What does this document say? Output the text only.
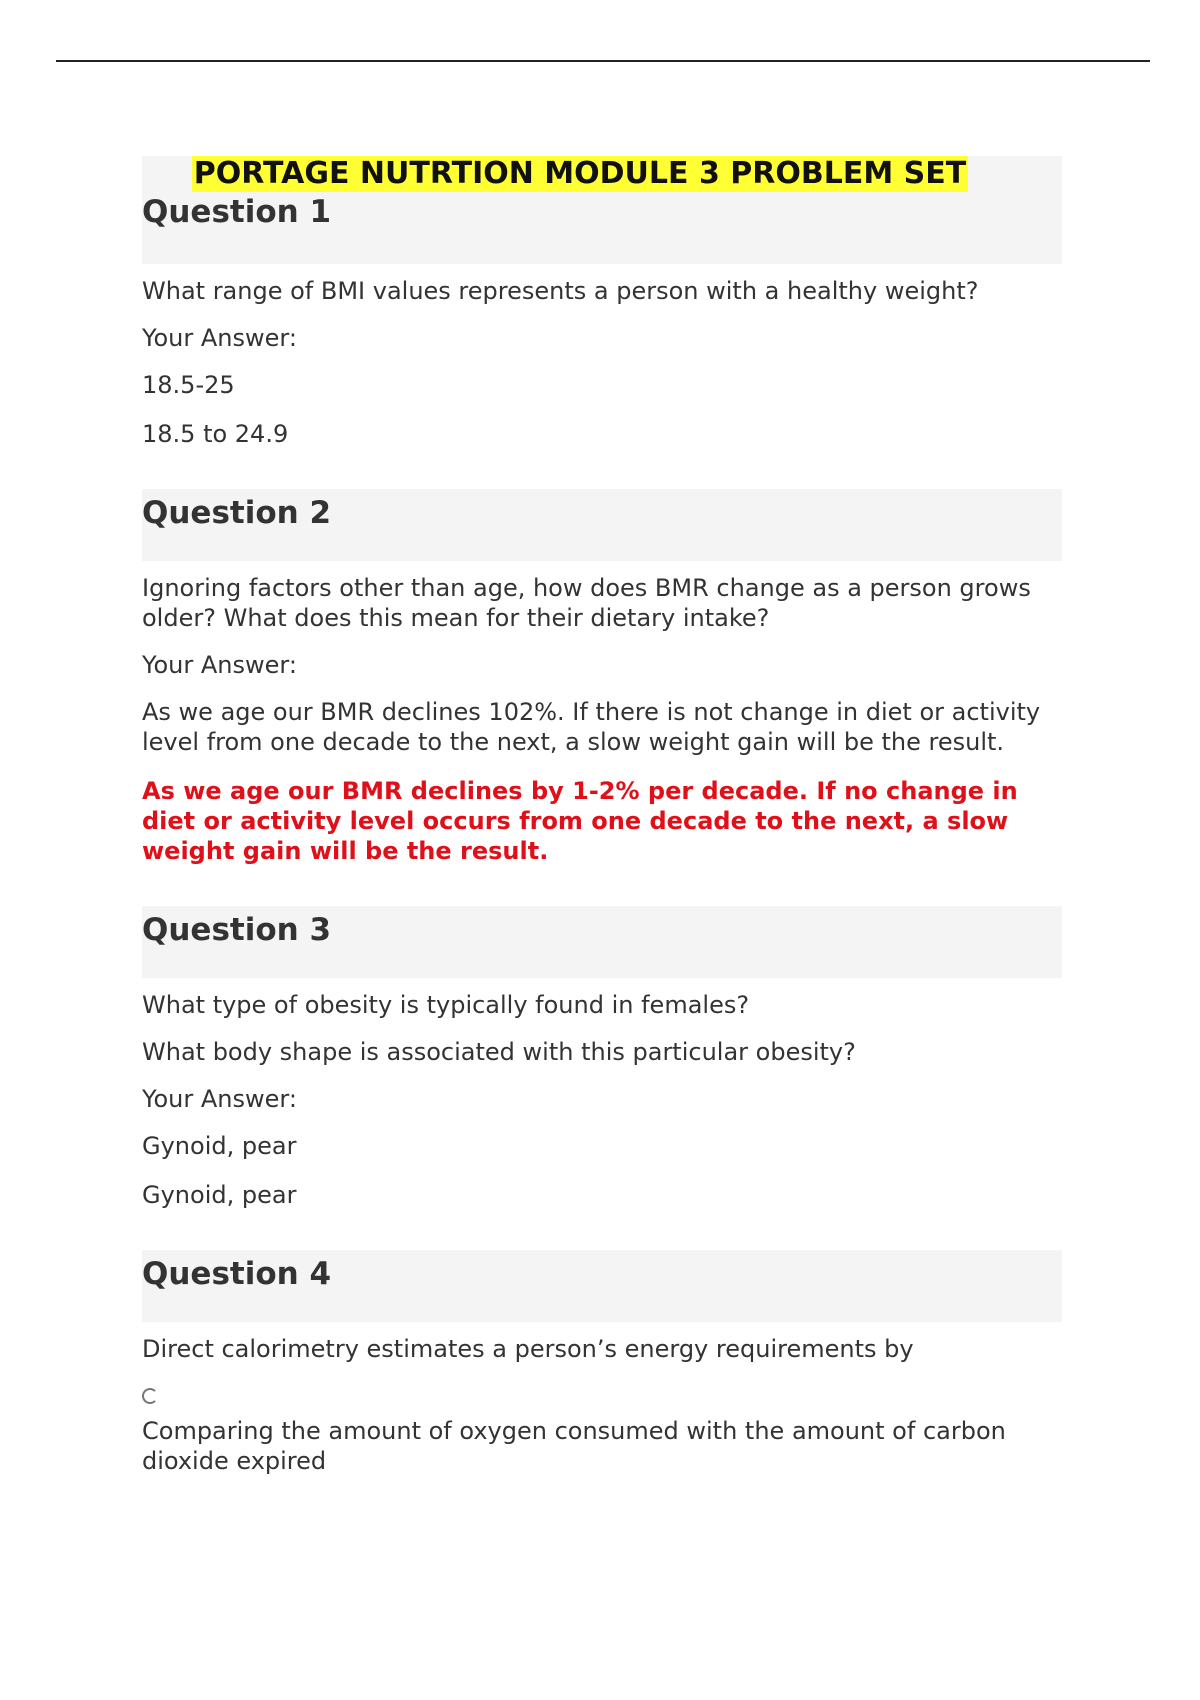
PORTAGE NUTRTION MODULE 3 PROBLEM SET
Question 1

What range of BMI values represents a person with a healthy weight?

Your Answer:

18.5-25

18.5 to 24.9

Question 2

Ignoring factors other than age, how does BMR change as a person grows older? What does this mean for their dietary intake?

Your Answer:

As we age our BMR declines 102%. If there is not change in diet or activity level from one decade to the next, a slow weight gain will be the result.

As we age our BMR declines by 1-2% per decade. If no change in diet or activity level occurs from one decade to the next, a slow weight gain will be the result.

Question 3

What type of obesity is typically found in females?

What body shape is associated with this particular obesity?

Your Answer:

Gynoid, pear

Gynoid, pear

Question 4

Direct calorimetry estimates a person’s energy requirements by

Comparing the amount of oxygen consumed with the amount of carbon dioxide expired
